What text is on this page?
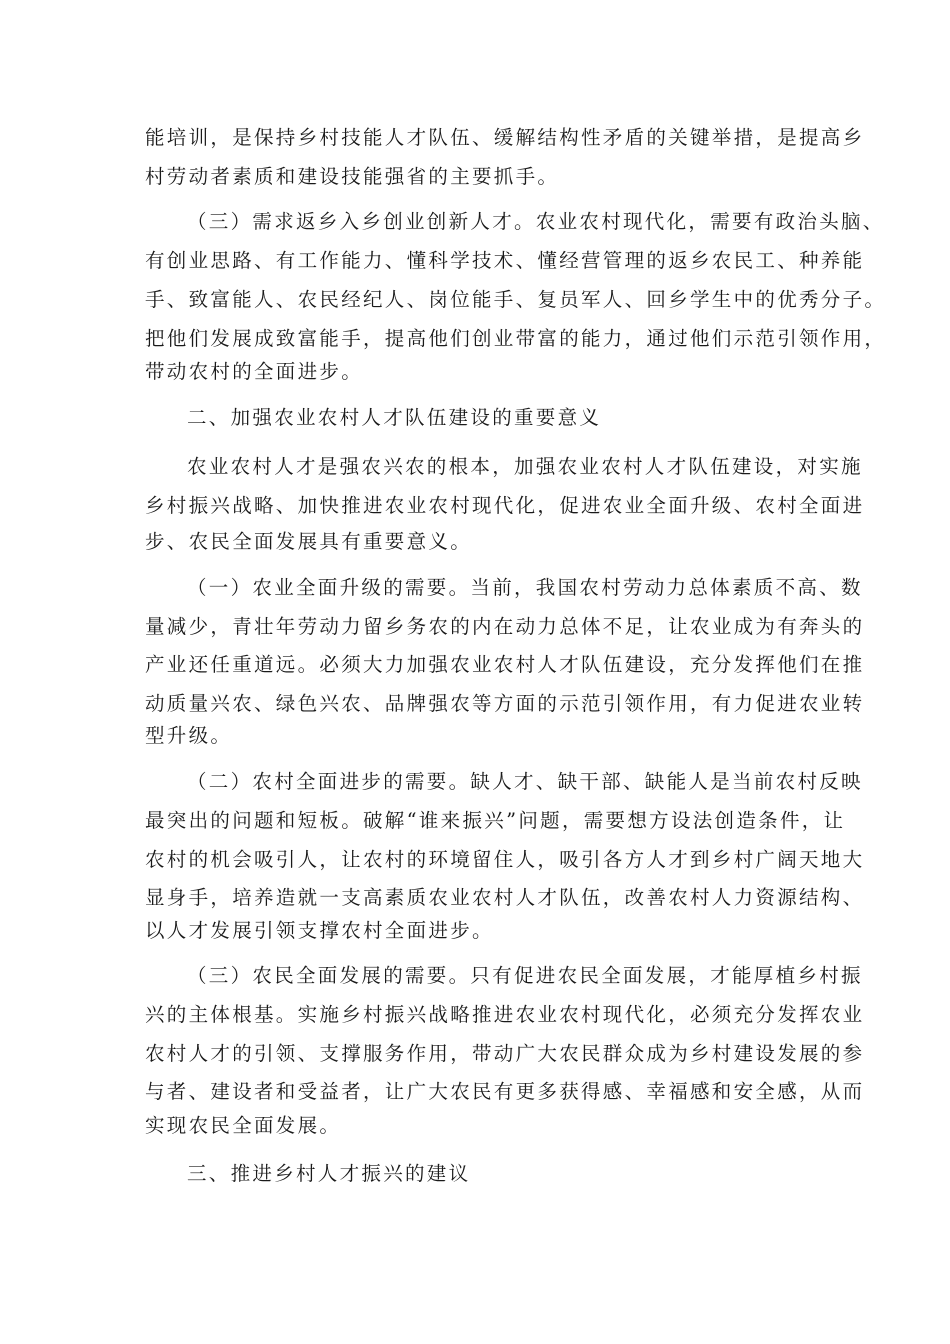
能培训，是保持乡村技能人才队伍、缓解结构性矛盾的关键举措，是提高乡
村劳动者素质和建设技能强省的主要抓手。
（三）需求返乡入乡创业创新人才。农业农村现代化，需要有政治头脑、
有创业思路、有工作能力、懂科学技术、懂经营管理的返乡农民工、种养能
手、致富能人、农民经纪人、岗位能手、复员军人、回乡学生中的优秀分子。
把他们发展成致富能手，提高他们创业带富的能力，通过他们示范引领作用，
带动农村的全面进步。
二、加强农业农村人才队伍建设的重要意义
农业农村人才是强农兴农的根本，加强农业农村人才队伍建设，对实施
乡村振兴战略、加快推进农业农村现代化，促进农业全面升级、农村全面进
步、农民全面发展具有重要意义。
（一）农业全面升级的需要。当前，我国农村劳动力总体素质不高、数
量减少，青壮年劳动力留乡务农的内在动力总体不足，让农业成为有奔头的
产业还任重道远。必须大力加强农业农村人才队伍建设，充分发挥他们在推
动质量兴农、绿色兴农、品牌强农等方面的示范引领作用，有力促进农业转
型升级。
（二）农村全面进步的需要。缺人才、缺干部、缺能人是当前农村反映
最突出的问题和短板。破解“谁来振兴”问题，需要想方设法创造条件，让
农村的机会吸引人，让农村的环境留住人，吸引各方人才到乡村广阔天地大
显身手，培养造就一支高素质农业农村人才队伍，改善农村人力资源结构、
以人才发展引领支撑农村全面进步。
（三）农民全面发展的需要。只有促进农民全面发展，才能厚植乡村振
兴的主体根基。实施乡村振兴战略推进农业农村现代化，必须充分发挥农业
农村人才的引领、支撑服务作用，带动广大农民群众成为乡村建设发展的参
与者、建设者和受益者，让广大农民有更多获得感、幸福感和安全感，从而
实现农民全面发展。
三、推进乡村人才振兴的建议
